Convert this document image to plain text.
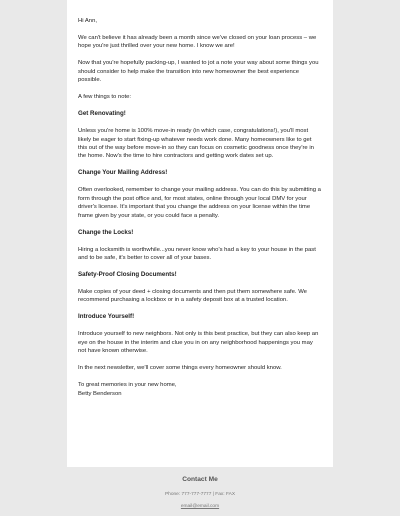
Hi Ann,

We can't believe it has already been a month since we've closed on your loan process – we hope you're just thrilled over your new home. I know we are!

Now that you're hopefully packing-up, I wanted to jot a note your way about some things you should consider to help make the transition into new homeowner the best experience possible.

A few things to note:

Get Renovating!

Unless you're home is 100% move-in ready (in which case, congratulations!), you'll most likely be eager to start fixing-up whatever needs work done. Many homeowners like to get this out of the way before move-in so they can focus on cosmetic goodness once they're in the home. Now's the time to hire contractors and getting work dates set up.

Change Your Mailing Address!

Often overlooked, remember to change your mailing address. You can do this by submitting a form through the post office and, for most states, online through your local DMV for your driver's license. It's important that you change the address on your license within the time frame given by your state, or you could face a penalty.

Change the Locks!

Hiring a locksmith is worthwhile...you never know who's had a key to your house in the past and to be safe, it's better to cover all of your bases.

Safety-Proof Closing Documents!

Make copies of your deed + closing documents and then put them somewhere safe. We recommend purchasing a lockbox or in a safety deposit box at a trusted location.

Introduce Yourself!

Introduce yourself to new neighbors. Not only is this best practice, but they can also keep an eye on the house in the interim and clue you in on any neighborhood happenings you may not have known otherwise.

In the next newsletter, we'll cover some things every homeowner should know.

To great memories in your new home,

Betty Benderson

Contact Me
Phone: 777-777-7777 | Fax: FAX
email@email.com
